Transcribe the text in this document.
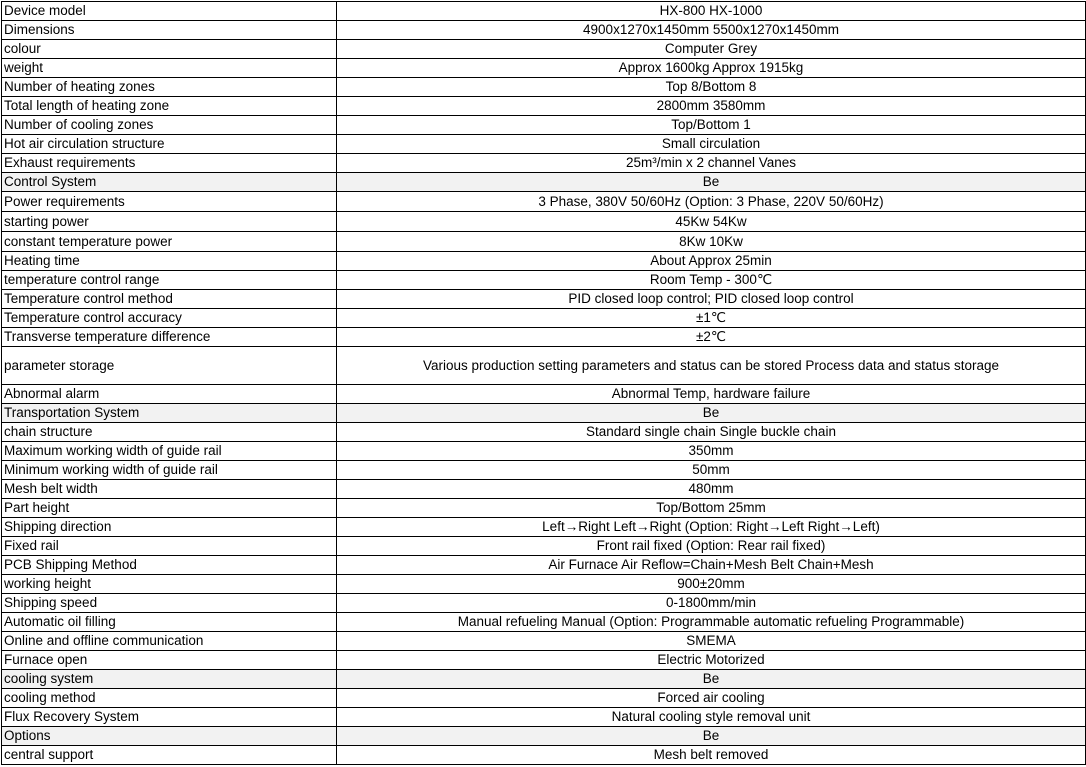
Device model	HX-800 HX-1000
Dimensions	4900x1270x1450mm 5500x1270x1450mm
colour	Computer Grey
weight	Approx 1600kg Approx 1915kg
Number of heating zones	Top 8/Bottom 8
Total length of heating zone	2800mm 3580mm
Number of cooling zones	Top/Bottom 1
Hot air circulation structure	Small circulation
Exhaust requirements	25m³/min x 2 channel Vanes
Control System	Be
Power requirements	3 Phase, 380V 50/60Hz (Option: 3 Phase, 220V 50/60Hz)
starting power	45Kw 54Kw
constant temperature power	8Kw 10Kw
Heating time	About Approx 25min
temperature control range	Room Temp - 300℃
Temperature control method	PID closed loop control; PID closed loop control
Temperature control accuracy	±1℃
Transverse temperature difference	±2℃
parameter storage	Various production setting parameters and status can be stored Process data and status storage
Abnormal alarm	Abnormal Temp, hardware failure
Transportation System	Be
chain structure	Standard single chain Single buckle chain
Maximum working width of guide rail	350mm
Minimum working width of guide rail	50mm
Mesh belt width	480mm
Part height	Top/Bottom 25mm
Shipping direction	Left→Right Left→Right (Option: Right→Left Right→Left)
Fixed rail	Front rail fixed (Option: Rear rail fixed)
PCB Shipping Method	Air Furnace Air Reflow=Chain+Mesh Belt Chain+Mesh
working height	900±20mm
Shipping speed	0-1800mm/min
Automatic oil filling	Manual refueling Manual (Option: Programmable automatic refueling Programmable)
Online and offline communication	SMEMA
Furnace open	Electric Motorized
cooling system	Be
cooling method	Forced air cooling
Flux Recovery System	Natural cooling style removal unit
Options	Be
central support	Mesh belt removed
